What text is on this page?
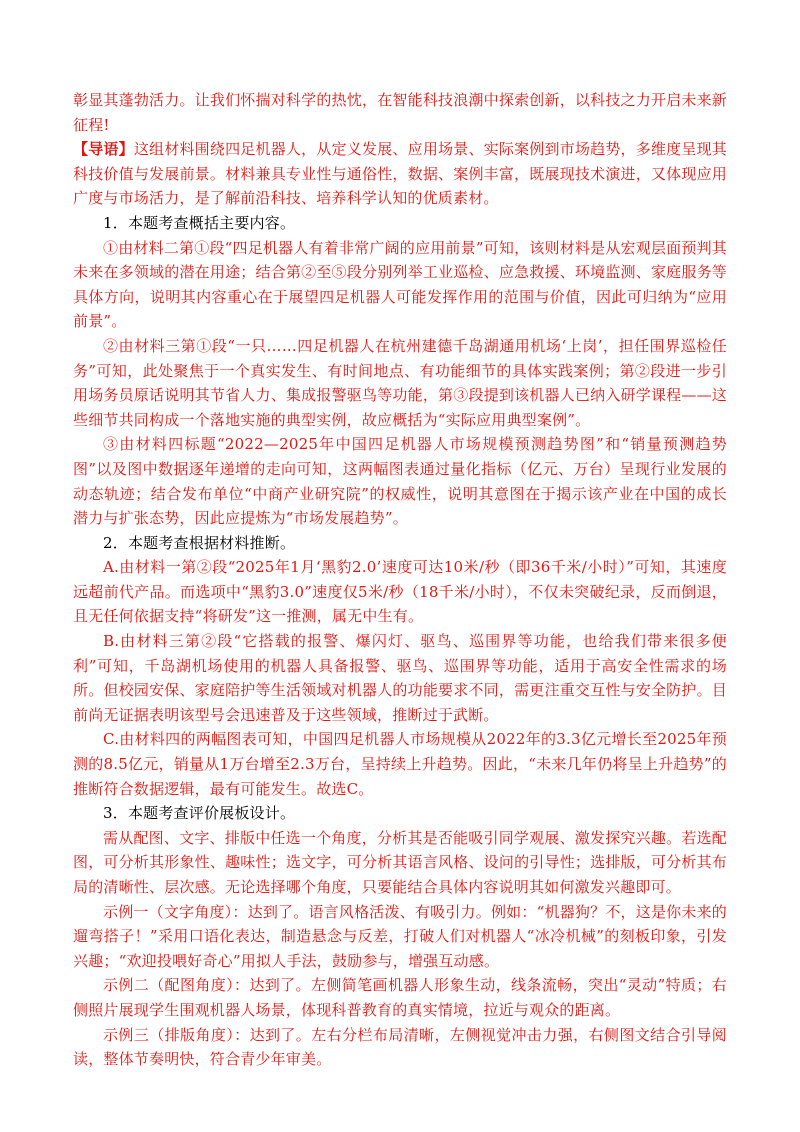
彰显其蓬勃活力。让我们怀揣对科学的热忱，在智能科技浪潮中探索创新，以科技之力开启未来新征程!

【导语】这组材料围绕四足机器人，从定义发展、应用场景、实际案例到市场趋势，多维度呈现其科技价值与发展前景。材料兼具专业性与通俗性，数据、案例丰富，既展现技术演进，又体现应用广度与市场活力，是了解前沿科技、培养科学认知的优质素材。

1．本题考查概括主要内容。

①由材料二第①段“四足机器人有着非常广阔的应用前景”可知，该则材料是从宏观层面预判其未来在多领域的潜在用途；结合第②至⑤段分别列举工业巡检、应急救援、环境监测、家庭服务等具体方向，说明其内容重心在于展望四足机器人可能发挥作用的范围与价值，因此可归纳为“应用前景”。

②由材料三第①段“一只……四足机器人在杭州建德千岛湖通用机场‘上岗’，担任围界巡检任务”可知，此处聚焦于一个真实发生、有时间地点、有功能细节的具体实践案例；第②段进一步引用场务员原话说明其节省人力、集成报警驱鸟等功能，第③段提到该机器人已纳入研学课程——这些细节共同构成一个落地实施的典型实例，故应概括为“实际应用典型案例”。

③由材料四标题“2022—2025年中国四足机器人市场规模预测趋势图”和“销量预测趋势图”以及图中数据逐年递增的走向可知，这两幅图表通过量化指标（亿元、万台）呈现行业发展的动态轨迹；结合发布单位“中商产业研究院”的权威性，说明其意图在于揭示该产业在中国的成长潜力与扩张态势，因此应提炼为“市场发展趋势”。

2．本题考查根据材料推断。

A.由材料一第②段“2025年1月‘黑豹2.0’速度可达10米/秒（即36千米/小时）”可知，其速度远超前代产品。而选项中“黑豹3.0”速度仅5米/秒（18千米/小时），不仅未突破纪录，反而倒退，且无任何依据支持“将研发”这一推测，属无中生有。

B.由材料三第②段“它搭载的报警、爆闪灯、驱鸟、巡围界等功能，也给我们带来很多便利”可知，千岛湖机场使用的机器人具备报警、驱鸟、巡围界等功能，适用于高安全性需求的场所。但校园安保、家庭陪护等生活领域对机器人的功能要求不同，需更注重交互性与安全防护。目前尚无证据表明该型号会迅速普及于这些领域，推断过于武断。

C.由材料四的两幅图表可知，中国四足机器人市场规模从2022年的3.3亿元增长至2025年预测的8.5亿元，销量从1万台增至2.3万台，呈持续上升趋势。因此，“未来几年仍将呈上升趋势”的推断符合数据逻辑，最有可能发生。故选C。

3．本题考查评价展板设计。

需从配图、文字、排版中任选一个角度，分析其是否能吸引同学观展、激发探究兴趣。若选配图，可分析其形象性、趣味性；选文字，可分析其语言风格、设问的引导性；选排版，可分析其布局的清晰性、层次感。无论选择哪个角度，只要能结合具体内容说明其如何激发兴趣即可。

示例一（文字角度）：达到了。语言风格活泼、有吸引力。例如：“机器狗？不，这是你未来的遛弯搭子！”采用口语化表达，制造悬念与反差，打破人们对机器人“冰冷机械”的刻板印象，引发兴趣；“欢迎投喂好奇心”用拟人手法，鼓励参与，增强互动感。

示例二（配图角度）：达到了。左侧简笔画机器人形象生动，线条流畅，突出“灵动”特质；右侧照片展现学生围观机器人场景，体现科普教育的真实情境，拉近与观众的距离。

示例三（排版角度）：达到了。左右分栏布局清晰，左侧视觉冲击力强，右侧图文结合引导阅读，整体节奏明快，符合青少年审美。
